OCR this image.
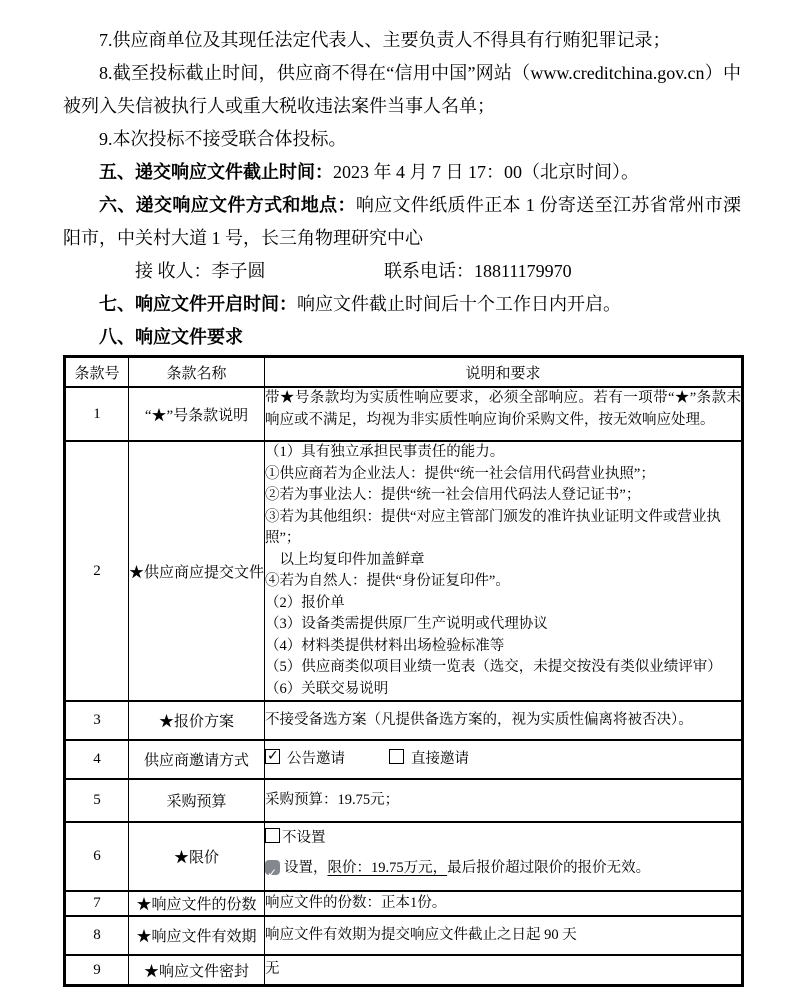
7.供应商单位及其现任法定代表人、主要负责人不得具有行贿犯罪记录；

8.截至投标截止时间，供应商不得在“信用中国”网站（www.creditchina.gov.cn）中被列入失信被执行人或重大税收违法案件当事人名单；

9.本次投标不接受联合体投标。

五、递交响应文件截止时间：2023 年 4 月 7 日 17：00（北京时间）。

六、递交响应文件方式和地点：响应文件纸质件正本 1 份寄送至江苏省常州市溧阳市，中关村大道 1 号，长三角物理研究中心

接 收人：李子圆	联系电话：18811179970

七、响应文件开启时间：响应文件截止时间后十个工作日内开启。

八、响应文件要求

条款号	条款名称	说明和要求
1	“★”号条款说明	带★号条款均为实质性响应要求，必须全部响应。若有一项带“★”条款未响应或不满足，均视为非实质性响应询价采购文件，按无效响应处理。
2	★供应商应提交文件	
（1）具有独立承担民事责任的能力。
①供应商若为企业法人：提供“统一社会信用代码营业执照”；
②若为事业法人：提供“统一社会信用代码法人登记证书”；
③若为其他组织：提供“对应主管部门颁发的准许执业证明文件或营业执照”；
　以上均复印件加盖鲜章
④若为自然人：提供“身份证复印件”。
（2）报价单
（3）设备类需提供原厂生产说明或代理协议
（4）材料类提供材料出场检验标准等
（5）供应商类似项目业绩一览表（选交，未提交按没有类似业绩评审）
（6）关联交易说明

3	★报价方案	不接受备选方案（凡提供备选方案的，视为实质性偏离将被否决）。
4	供应商邀请方式	✓公告邀请 直接邀请
5	采购预算	采购预算：19.75元；
6	★限价	不设置
✓设置，限价：19.75万元，最后报价超过限价的报价无效。

7	★响应文件的份数	响应文件的份数：正本1份。
8	★响应文件有效期	响应文件有效期为提交响应文件截止之日起 90 天
9	★响应文件密封	无
